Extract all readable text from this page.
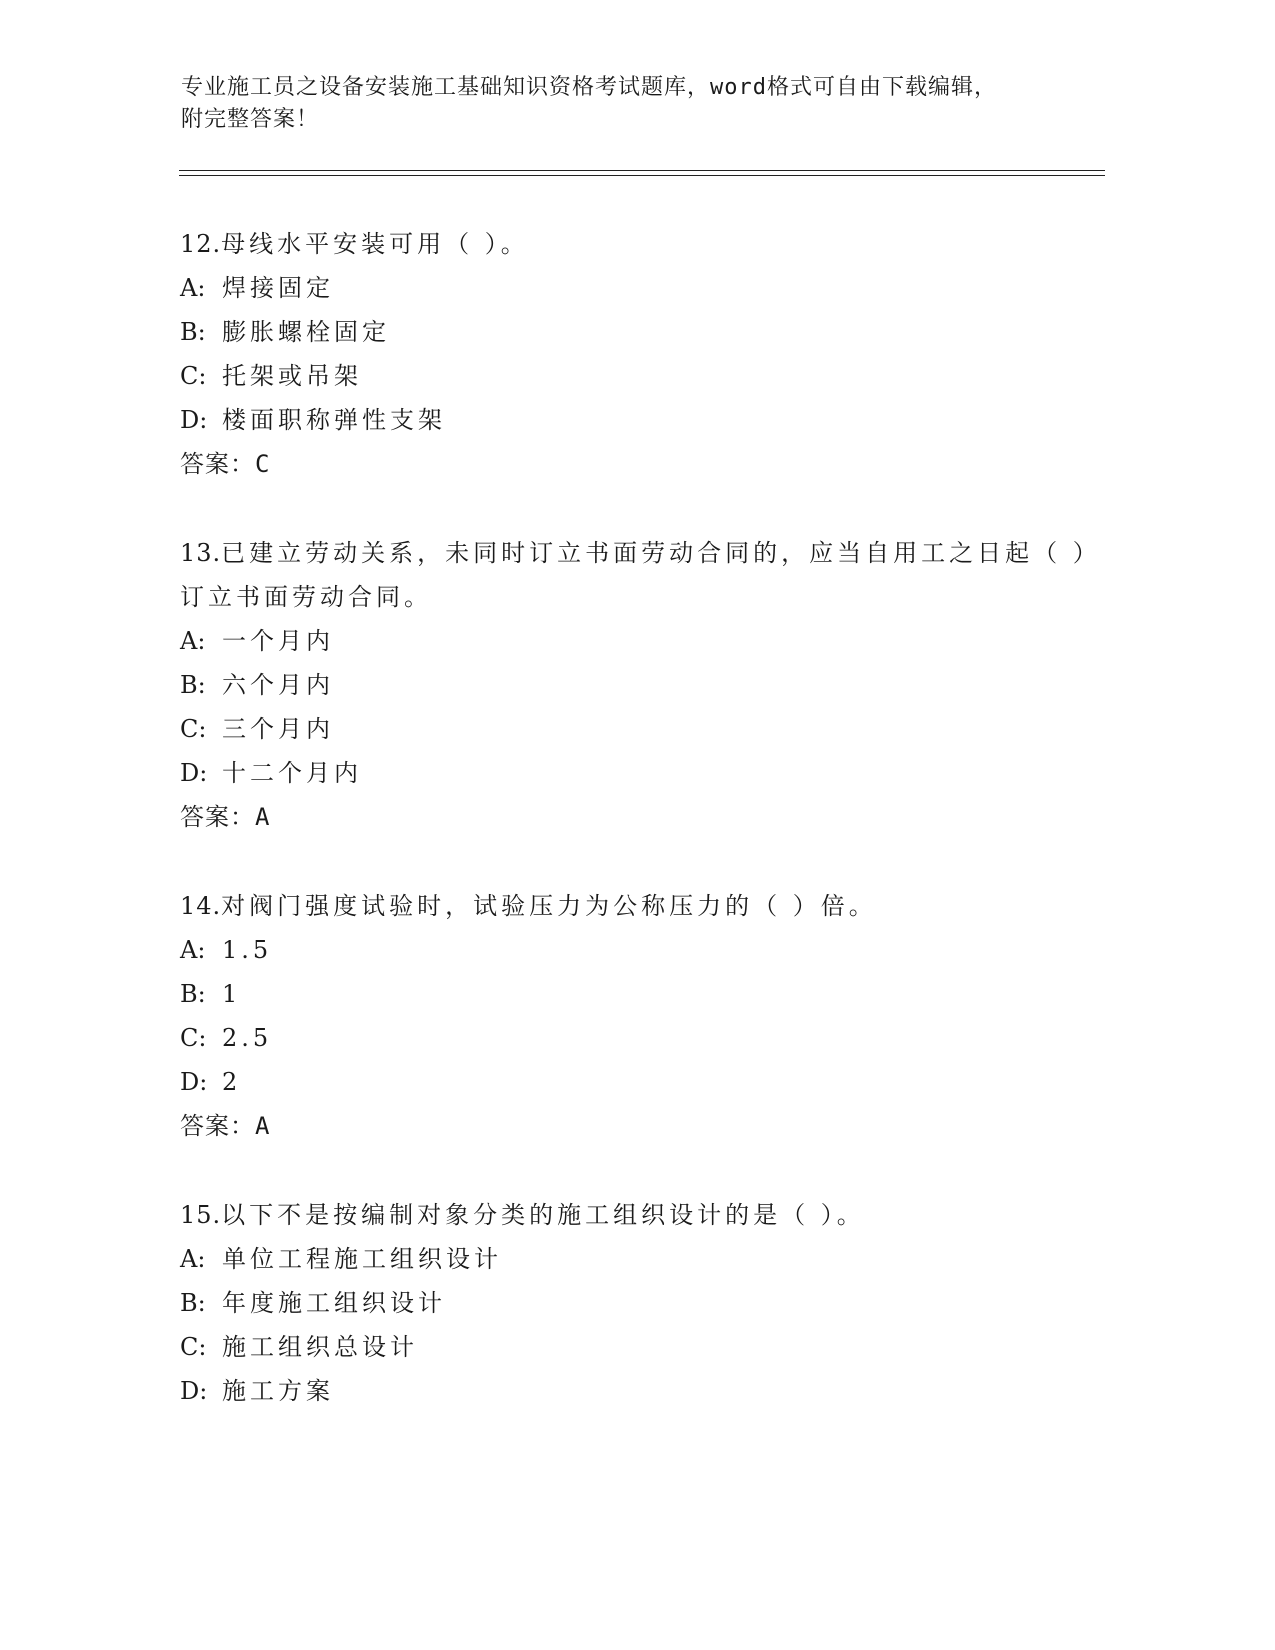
专业施工员之设备安装施工基础知识资格考试题库，word格式可自由下载编辑，
附完整答案！
12.母线水平安装可用（ ）。
A: 焊接固定
B: 膨胀螺栓固定
C: 托架或吊架
D: 楼面职称弹性支架
答案：C
13.已建立劳动关系，未同时订立书面劳动合同的，应当自用工之日起（ ）订立书面劳动合同。
A: 一个月内
B: 六个月内
C: 三个月内
D: 十二个月内
答案：A
14.对阀门强度试验时，试验压力为公称压力的（ ）倍。
A: 1.5
B: 1
C: 2.5
D: 2
答案：A
15.以下不是按编制对象分类的施工组织设计的是（ ）。
A: 单位工程施工组织设计
B: 年度施工组织设计
C: 施工组织总设计
D: 施工方案
